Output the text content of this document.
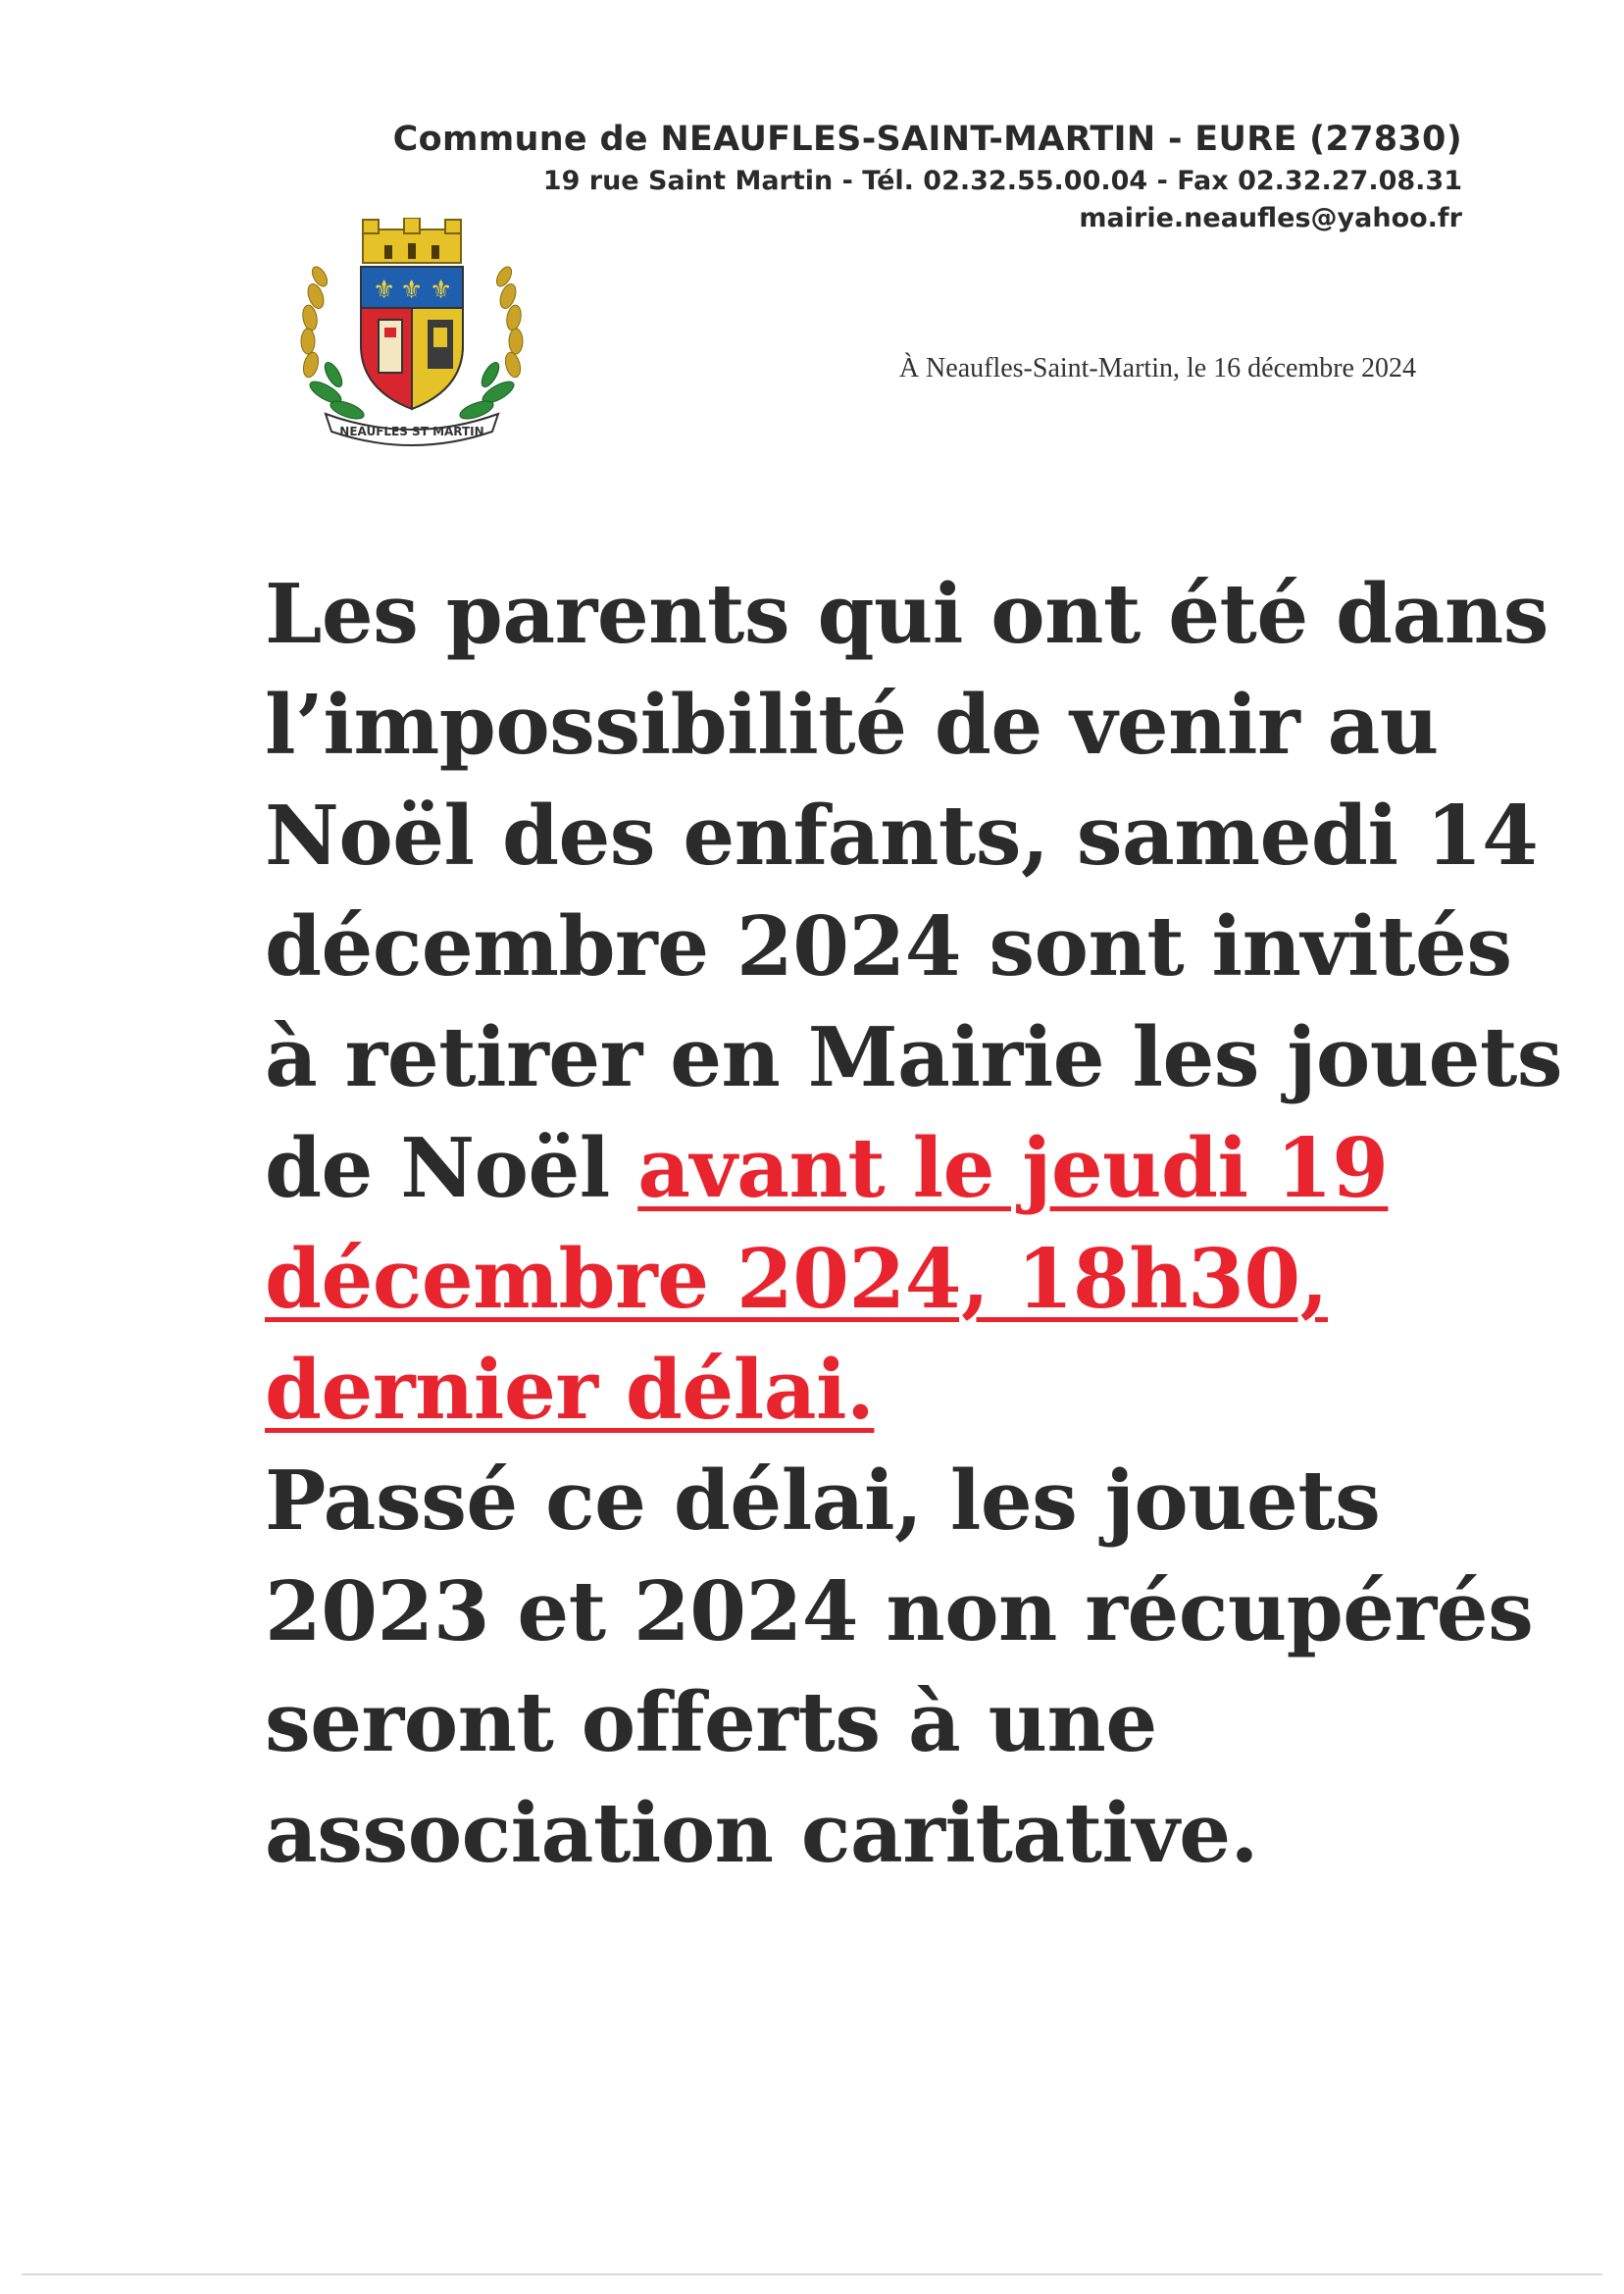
Commune de NEAUFLES-SAINT-MARTIN - EURE (27830)
19 rue Saint Martin - Tél. 02.32.55.00.04 - Fax 02.32.27.08.31
mairie.neaufles@yahoo.fr
⚜ ⚜ ⚜
NEAUFLES ST MARTIN
À Neaufles-Saint-Martin, le 16 décembre 2024
Les parents qui ont été dans
l’impossibilité de venir au
Noël des enfants, samedi 14
décembre 2024 sont invités
à retirer en Mairie les jouets
de Noël avant le jeudi 19
décembre 2024, 18h30,
dernier délai.
Passé ce délai, les jouets
2023 et 2024 non récupérés
seront offerts à une
association caritative.
